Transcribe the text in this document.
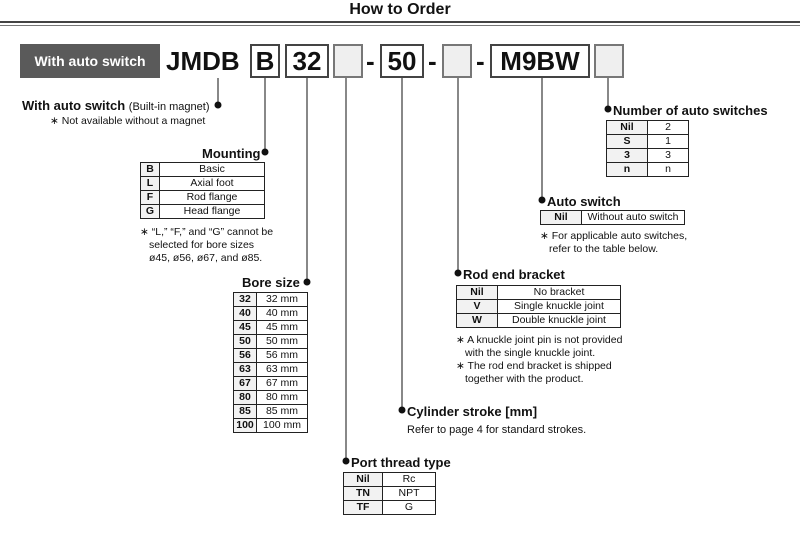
How to Order
With auto switch JMDB B 32 - 50 - - M9BW
With auto switch (Built-in magnet)
∗ Not available without a magnet
Mounting
B	Basic
L	Axial foot
F	Rod flange
G	Head flange
∗ “L,” “F,” and “G” cannot be
selected for bore sizes
ø45, ø56, ø67, and ø85.
Bore size
32	32 mm
40	40 mm
45	45 mm
50	50 mm
56	56 mm
63	63 mm
67	67 mm
80	80 mm
85	85 mm
100	100 mm
Port thread type
Nil	Rc
TN	NPT
TF	G
Cylinder stroke [mm]
Refer to page 4 for standard strokes.
Rod end bracket
Nil	No bracket
V	Single knuckle joint
W	Double knuckle joint
∗ A knuckle joint pin is not provided
with the single knuckle joint.
∗ The rod end bracket is shipped
together with the product.
Auto switch
Nil	Without auto switch
∗ For applicable auto switches,
refer to the table below.
Number of auto switches
Nil	2
S	1
3	3
n	n
